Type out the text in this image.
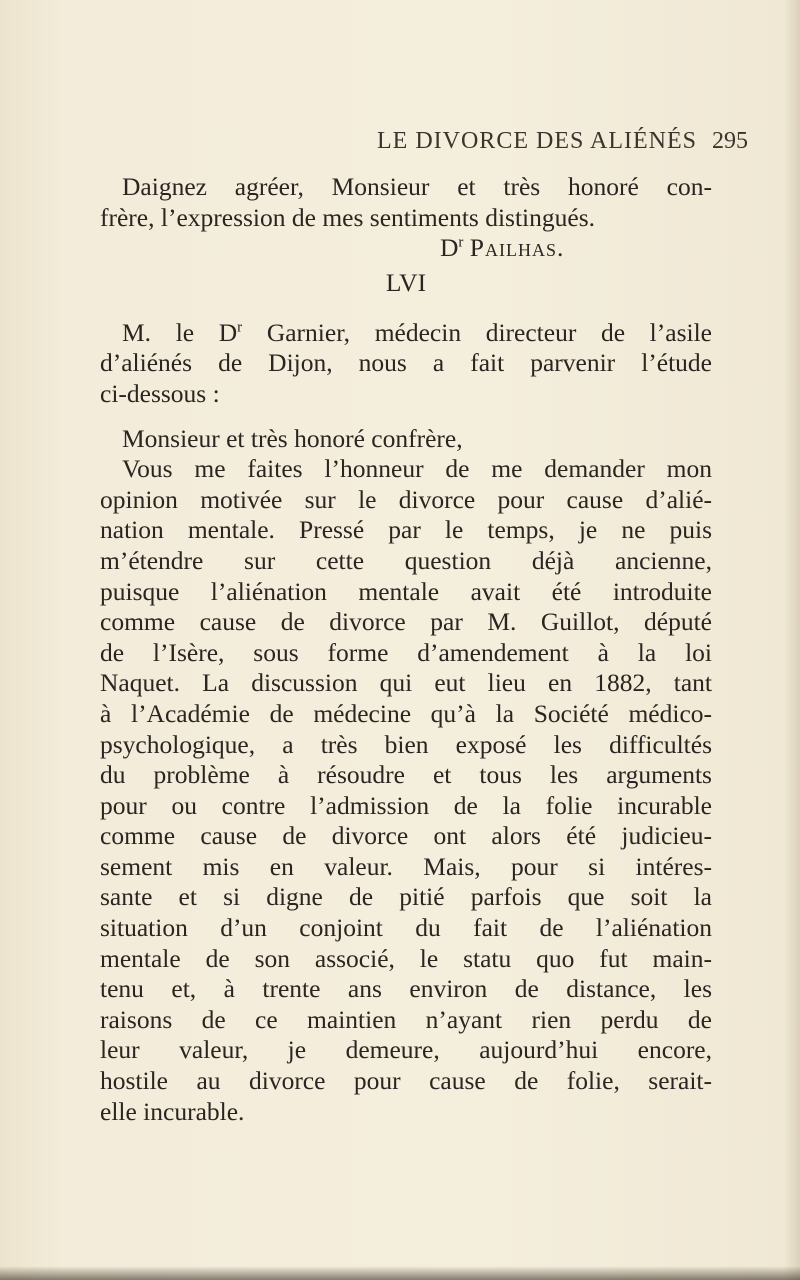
LE DIVORCE DES ALIÉNÉS 295
Daignez agréer, Monsieur et très honoré con-
frère, l’expression de mes sentiments distingués.
$D^r$ Pailhas.
LVI
M. le $D^r$ Garnier, médecin directeur de l’asile
d’aliénés de Dijon, nous a fait parvenir l’étude
ci-dessous :
Monsieur et très honoré confrère,
Vous me faites l’honneur de me demander mon
opinion motivée sur le divorce pour cause d’alié-
nation mentale. Pressé par le temps, je ne puis
m’étendre sur cette question déjà ancienne,
puisque l’aliénation mentale avait été introduite
comme cause de divorce par M. Guillot, député
de l’Isère, sous forme d’amendement à la loi
Naquet. La discussion qui eut lieu en 1882, tant
à l’Académie de médecine qu’à la Société médico-
psychologique, a très bien exposé les difficultés
du problème à résoudre et tous les arguments
pour ou contre l’admission de la folie incurable
comme cause de divorce ont alors été judicieu-
sement mis en valeur. Mais, pour si intéres-
sante et si digne de pitié parfois que soit la
situation d’un conjoint du fait de l’aliénation
mentale de son associé, le statu quo fut main-
tenu et, à trente ans environ de distance, les
raisons de ce maintien n’ayant rien perdu de
leur valeur, je demeure, aujourd’hui encore,
hostile au divorce pour cause de folie, serait-
elle incurable.
